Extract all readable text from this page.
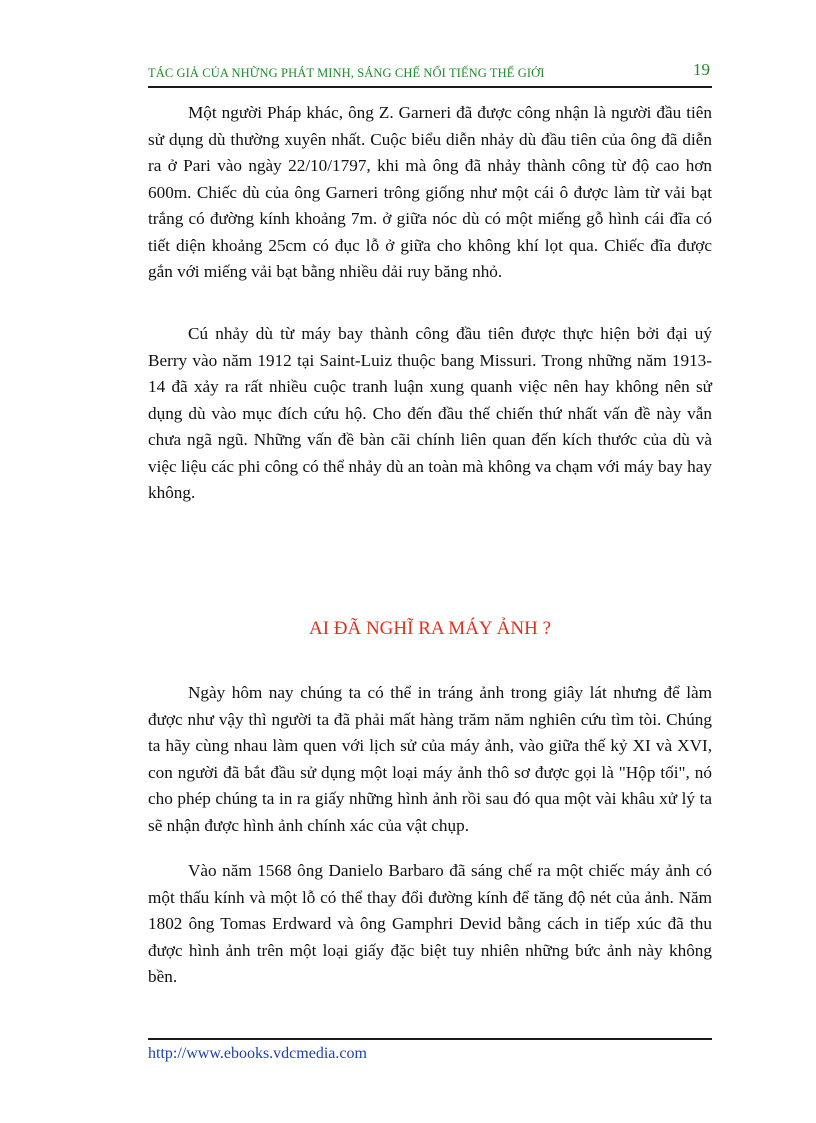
TÁC GIẢ CỦA NHỮNG PHÁT MINH, SÁNG CHẾ NỔI TIẾNG THẾ GIỚI	19

Một người Pháp khác, ông Z. Garneri đã được công nhận là người đầu tiên sử dụng dù thường xuyên nhất. Cuộc biểu diễn nhảy dù đầu tiên của ông đã diễn ra ở Pari vào ngày 22/10/1797, khi mà ông đã nhảy thành công từ độ cao hơn 600m. Chiếc dù của ông Garneri trông giống như một cái ô được làm từ vải bạt trắng có đường kính khoảng 7m. ở giữa nóc dù có một miếng gỗ hình cái đĩa có tiết diện khoảng 25cm có đục lỗ ở giữa cho không khí lọt qua. Chiếc đĩa được gắn với miếng vải bạt bằng nhiều dải ruy băng nhỏ.

Cú nhảy dù từ máy bay thành công đầu tiên được thực hiện bởi đại uý Berry vào năm 1912 tại Saint-Luiz thuộc bang Missuri. Trong những năm 1913-14 đã xảy ra rất nhiều cuộc tranh luận xung quanh việc nên hay không nên sử dụng dù vào mục đích cứu hộ. Cho đến đầu thế chiến thứ nhất vấn đề này vẫn chưa ngã ngũ. Những vấn đề bàn cãi chính liên quan đến kích thước của dù và việc liệu các phi công có thể nhảy dù an toàn mà không va chạm với máy bay hay không.

Ngày hôm nay chúng ta có thể in tráng ảnh trong giây lát nhưng để làm được như vậy thì người ta đã phải mất hàng trăm năm nghiên cứu tìm tòi. Chúng ta hãy cùng nhau làm quen với lịch sử của máy ảnh, vào giữa thế kỷ XI và XVI, con người đã bắt đầu sử dụng một loại máy ảnh thô sơ được gọi là "Hộp tối", nó cho phép chúng ta in ra giấy những hình ảnh rồi sau đó qua một vài khâu xử lý ta sẽ nhận được hình ảnh chính xác của vật chụp.

Vào năm 1568 ông Danielo Barbaro đã sáng chế ra một chiếc máy ảnh có một thấu kính và một lỗ có thể thay đổi đường kính để tăng độ nét của ảnh. Năm 1802 ông Tomas Erdward và ông Gamphri Devid bằng cách in tiếp xúc đã thu được hình ảnh trên một loại giấy đặc biệt tuy nhiên những bức ảnh này không bền.

AI ĐÃ NGHĨ RA MÁY ẢNH ?
http://www.ebooks.vdcmedia.com
